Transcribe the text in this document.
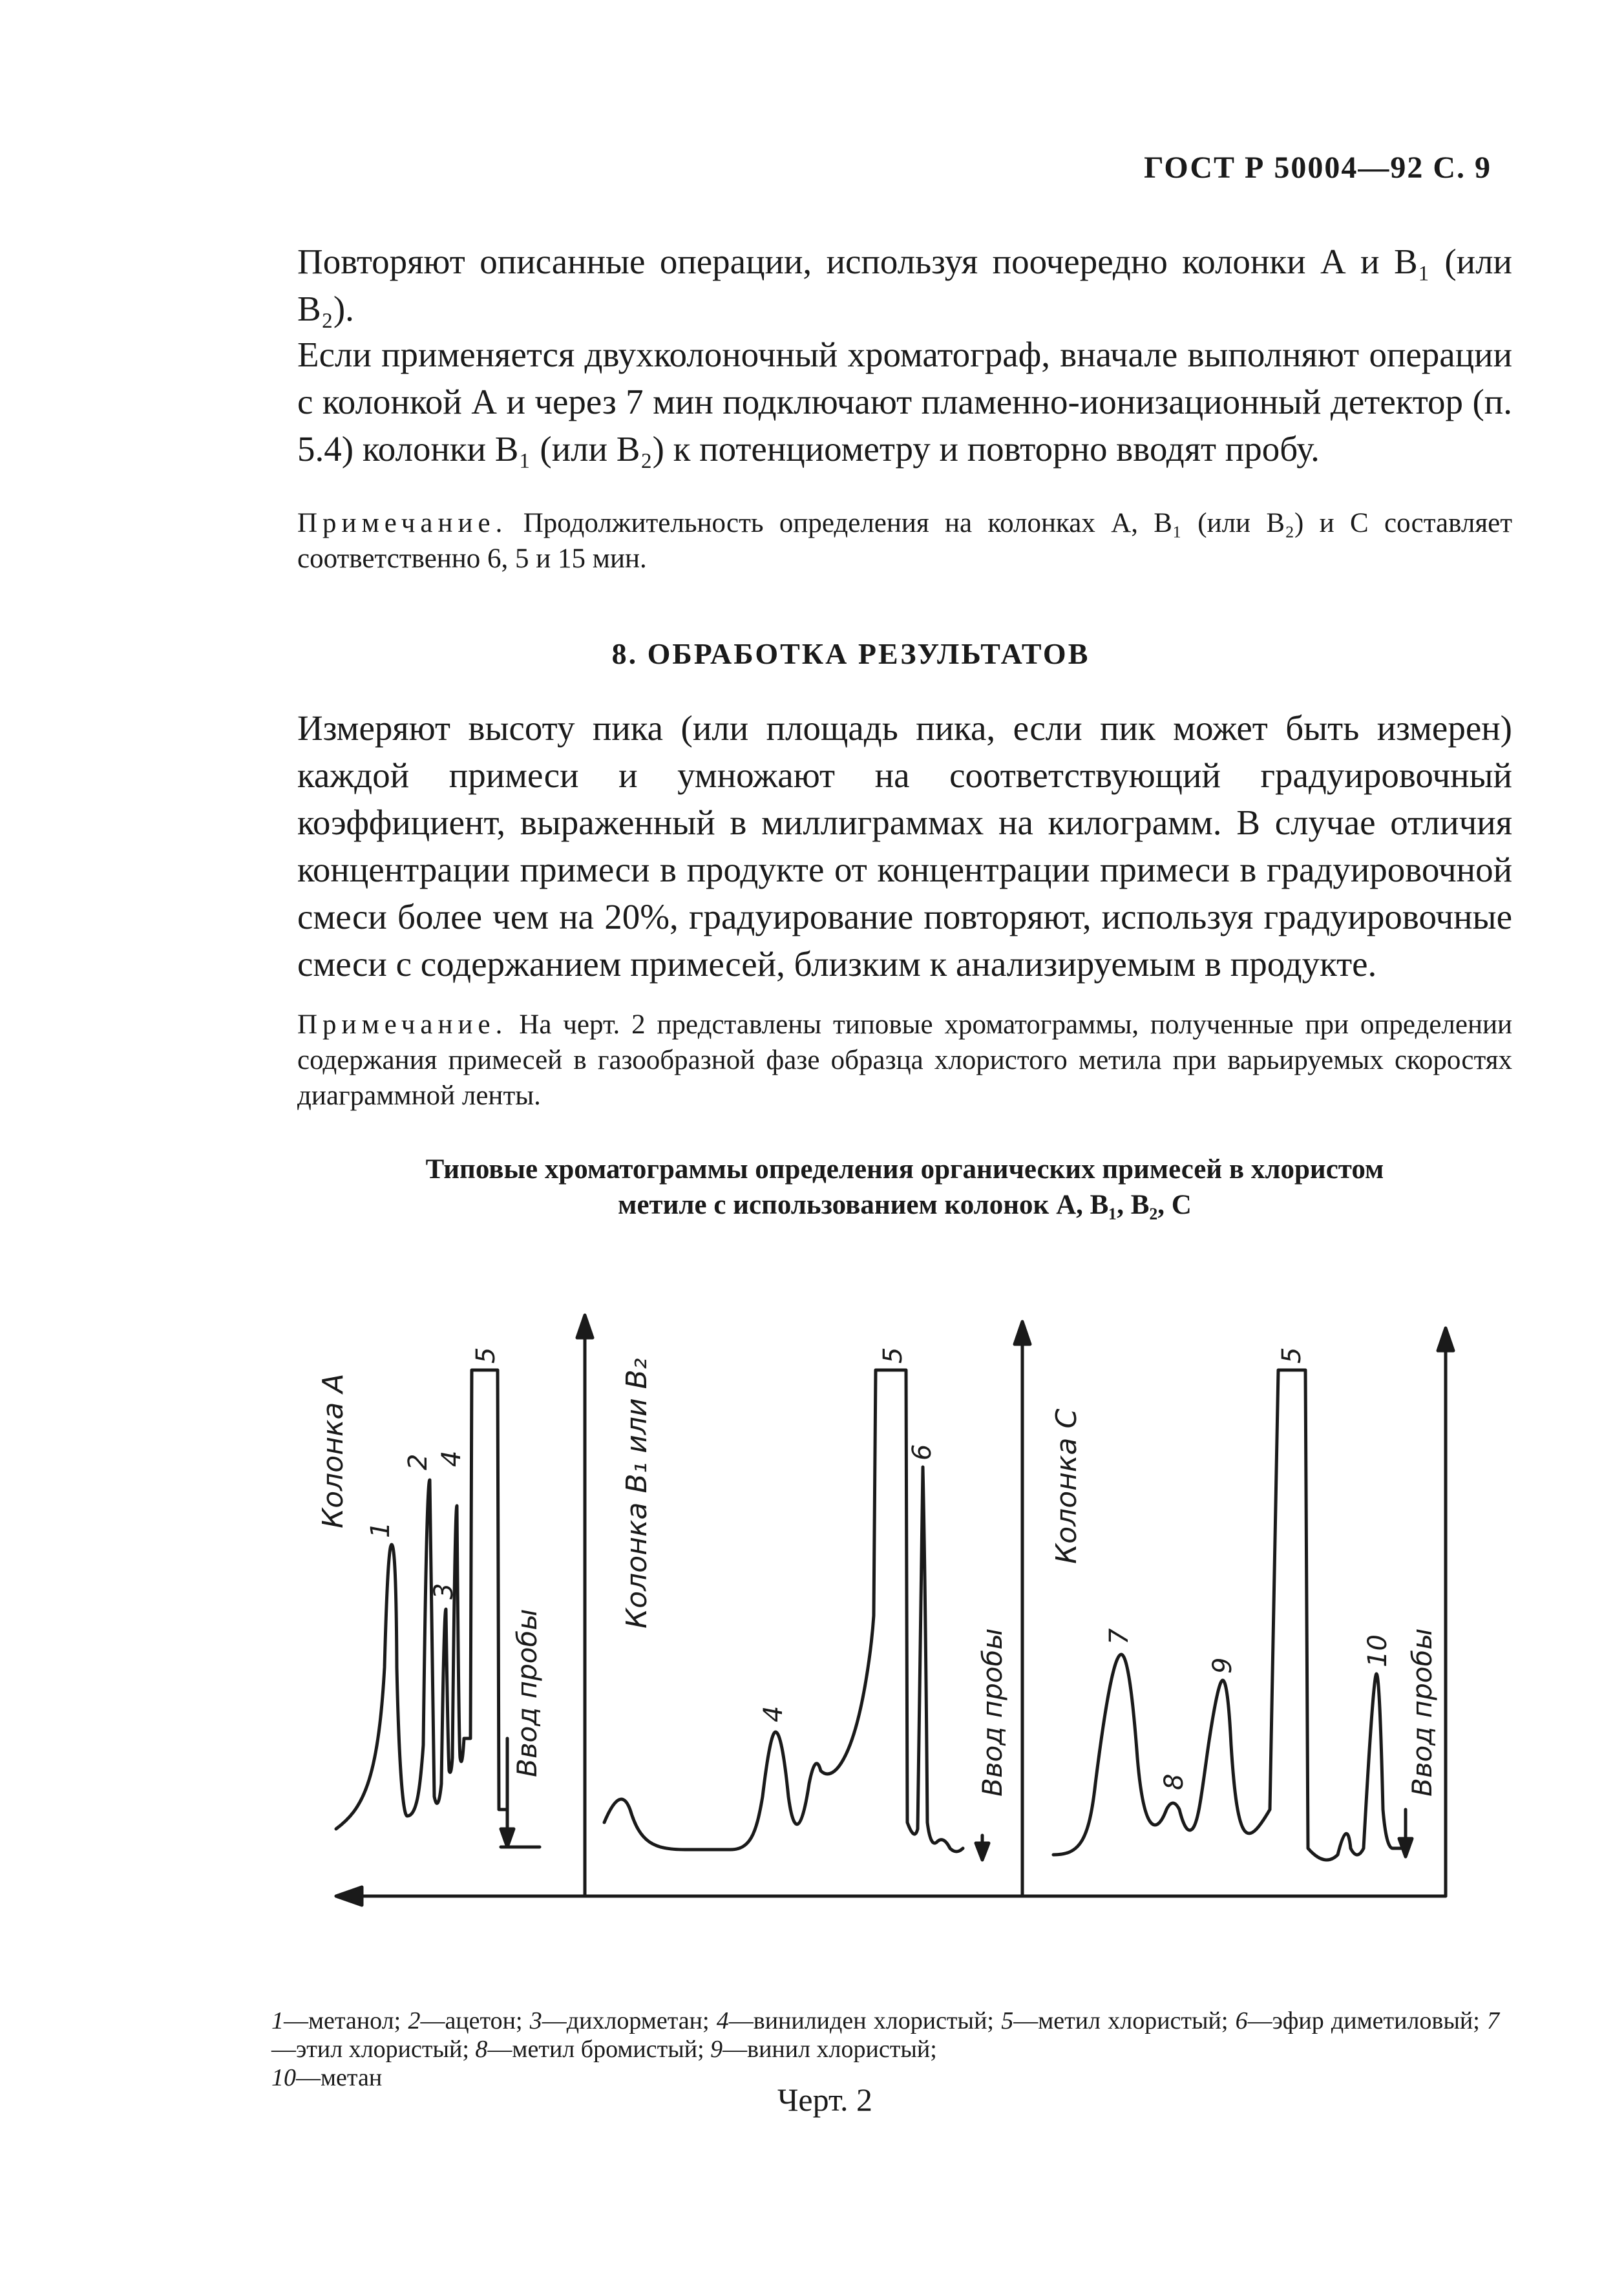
ГОСТ Р 50004—92 С. 9

Повторяют описанные операции, используя поочередно колонки А и B₁ (или B₂).

Если применяется двухколоночный хроматограф, вначале выполняют операции с колонкой А и через 7 мин подключают пламенно-ионизационный детектор (п. 5.4) колонки B₁ (или B₂) к потенциометру и повторно вводят пробу.

Примечание. Продолжительность определения на колонках А, B₁ (или B₂) и С составляет соответственно 6, 5 и 15 мин.
8. ОБРАБОТКА РЕЗУЛЬТАТОВ

Измеряют высоту пика (или площадь пика, если пик может быть измерен) каждой примеси и умножают на соответствующий градуировочный коэффициент, выраженный в миллиграммах на килограмм. В случае отличия концентрации примеси в продукте от концентрации примеси в градуировочной смеси более чем на 20%, градуирование повторяют, используя градуировочные смеси с содержанием примесей, близким к анализируемым в продукте.

Примечание. На черт. 2 представлены типовые хроматограммы, полученные при определении содержания примесей в газообразной фазе образца хлористого метила при варьируемых скоростях диаграммной ленты.
Типовые хроматограммы определения органических примесей в хлористом
метиле с использованием колонок А, B₁, B₂, С
Колонка А	Колонка B₁ или B₂	Колонка С
Ввод пробы	Ввод пробы	Ввод пробы
1
2
3
4
5
4
5
6
7
8
9
5
10
1—метанол; 2—ацетон; 3—дихлорметан; 4—винилиден хлористый; 5—метил хлористый; 6—эфир диметиловый; 7—этил хлористый; 8—метил бромистый; 9—винил хлористый;
10—метан
Черт. 2
